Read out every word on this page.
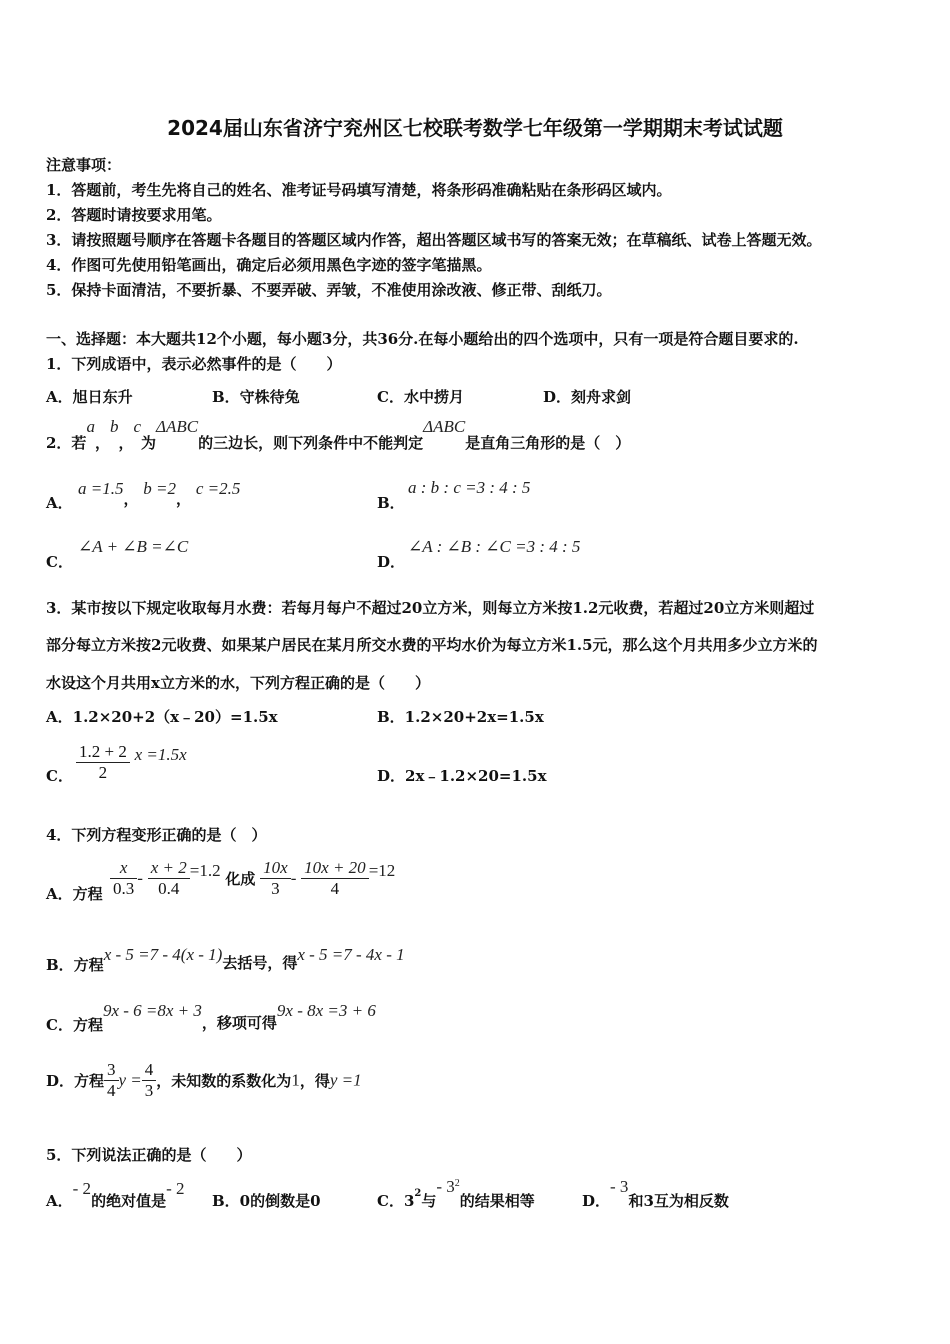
2024届山东省济宁兖州区七校联考数学七年级第一学期期末考试试题
注意事项：
1．答题前，考生先将自己的姓名、准考证号码填写清楚，将条形码准确粘贴在条形码区域内。
2．答题时请按要求用笔。
3．请按照题号顺序在答题卡各题目的答题区域内作答，超出答题区域书写的答案无效；在草稿纸、试卷上答题无效。
4．作图可先使用铅笔画出，确定后必须用黑色字迹的签字笔描黑。
5．保持卡面清洁，不要折暴、不要弄破、弄皱，不准使用涂改液、修正带、刮纸刀。
一、选择题：本大题共12个小题，每小题3分，共36分.在每小题给出的四个选项中，只有一项是符合题目要求的.
1．下列成语中，表示必然事件的是（　　）
A．旭日东升	B．守株待兔	C．水中捞月	D．刻舟求剑
2．若a，b，c为ΔABC的三边长，则下列条件中不能判定ΔABC是直角三角形的是（　）
A．
a =1.5， b =2， c =2.5
B．
a : b : c =3 : 4 : 5
C．
∠A + ∠B =∠C
D．
∠A : ∠B : ∠C =3 : 4 : 5
3．某市按以下规定收取每月水费：若每月每户不超过20立方米，则每立方米按1.2元收费，若超过20立方米则超过
部分每立方米按2元收费、如果某户居民在某月所交水费的平均水价为每立方米1.5元，那么这个月共用多少立方米的
水设这个月共用x立方米的水，下列方程正确的是（　　）
A．1.2×20+2（x﹣20）=1.5x	B．1.2×20+2x=1.5x
C． $\frac{1.2 + 2}{2}$ x =1.5x
D．2x﹣1.2×20=1.5x
4．下列方程变形正确的是（　）
A．方程 $\frac{x}{0.3} - \frac{x + 2}{0.4} =1.2$ 化成 $\frac{10x}{3} - \frac{10x + 20}{4} =12$
B．方程x - 5 =7 - 4(x - 1)去括号，得x - 5 =7 - 4x - 1
C．方程9x - 6 =8x + 3，移项可得9x - 8x =3 + 6
D．方程 $\frac{3}{4}$ $y = \frac{4}{3}$ ，未知数的系数化为1，得y =1
5．下列说法正确的是（　　）
A．- 2的绝对值是- 2
B．0的倒数是0	C．$3^2$与- $3^2$的结果相等	D．- 3和3互为相反数
